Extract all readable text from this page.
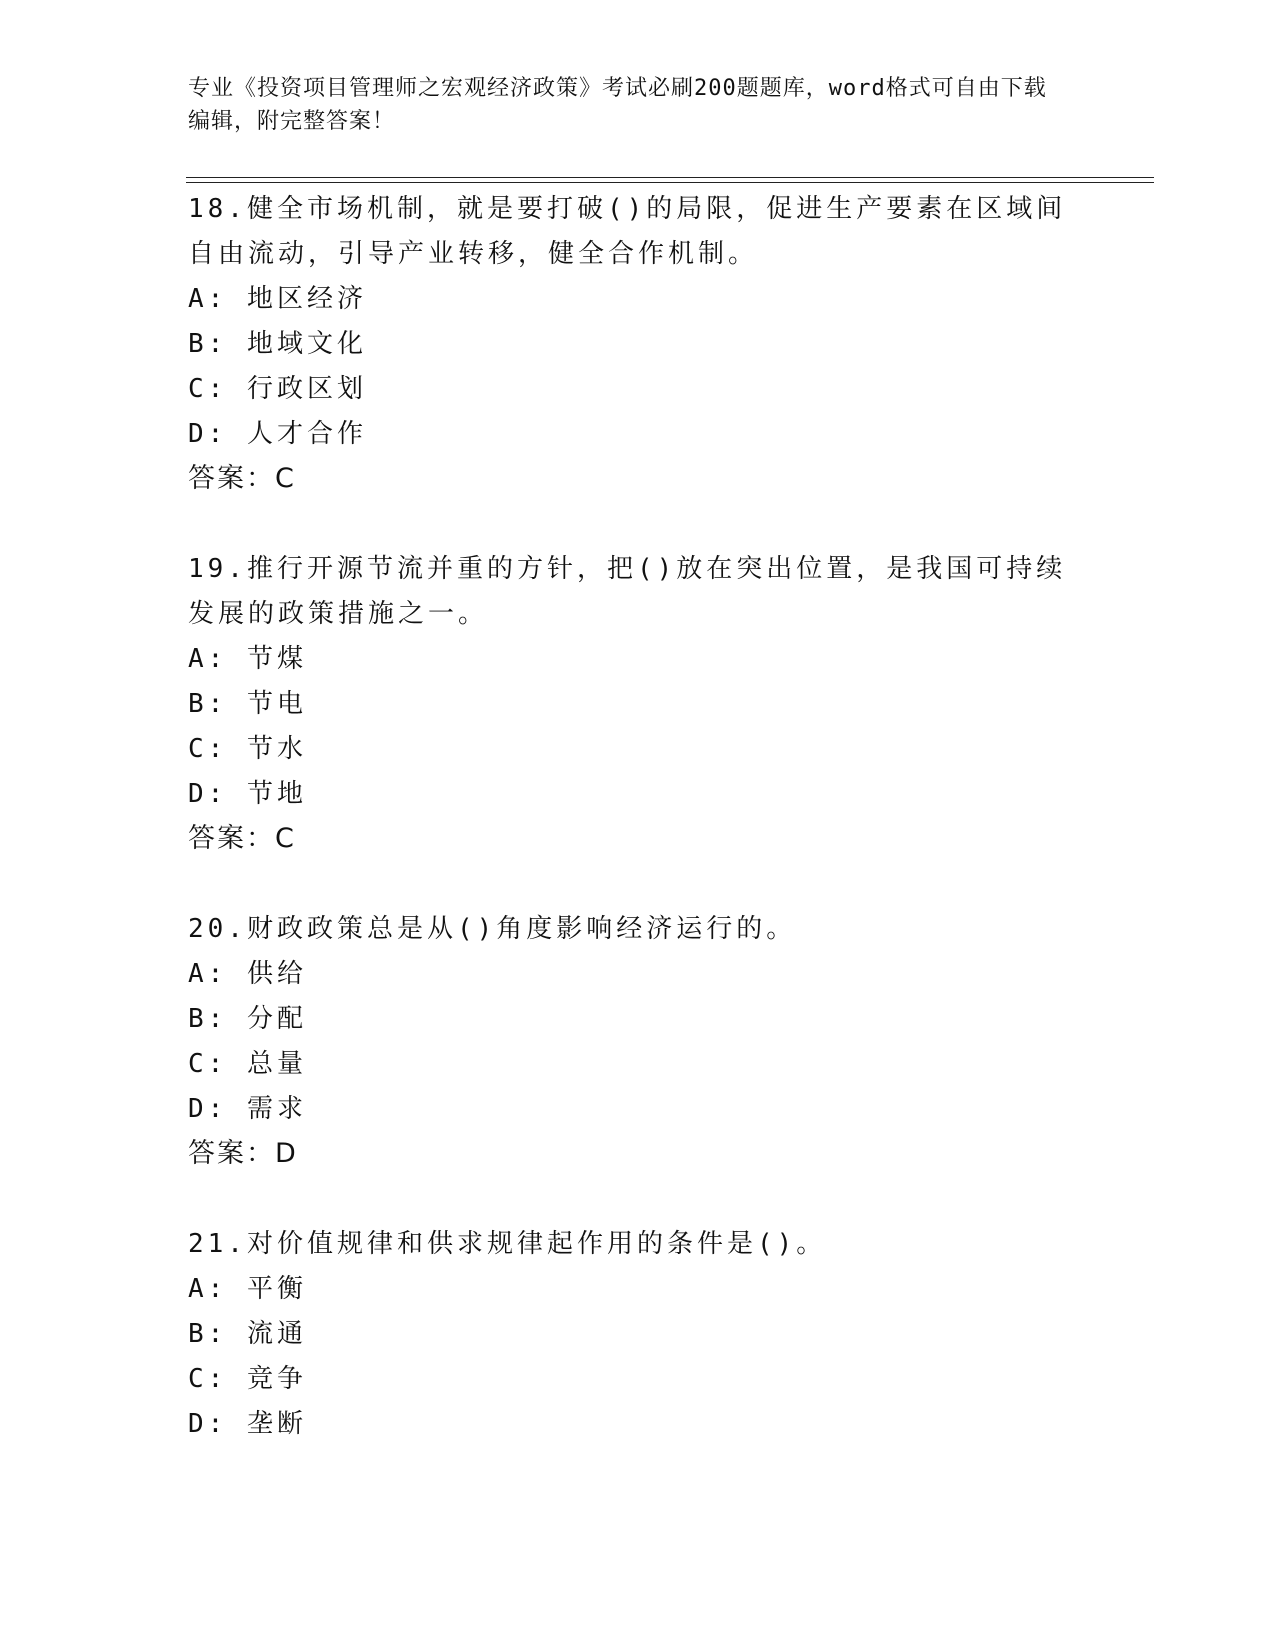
专业《投资项目管理师之宏观经济政策》考试必刷200题题库，word格式可自由下载编辑，附完整答案！
18.健全市场机制，就是要打破()的局限，促进生产要素在区域间自由流动，引导产业转移，健全合作机制。
A: 地区经济
B: 地域文化
C: 行政区划
D: 人才合作
答案：C
19.推行开源节流并重的方针，把()放在突出位置，是我国可持续发展的政策措施之一。
A: 节煤
B: 节电
C: 节水
D: 节地
答案：C
20.财政政策总是从()角度影响经济运行的。
A: 供给
B: 分配
C: 总量
D: 需求
答案：D
21.对价值规律和供求规律起作用的条件是()。
A: 平衡
B: 流通
C: 竞争
D: 垄断
